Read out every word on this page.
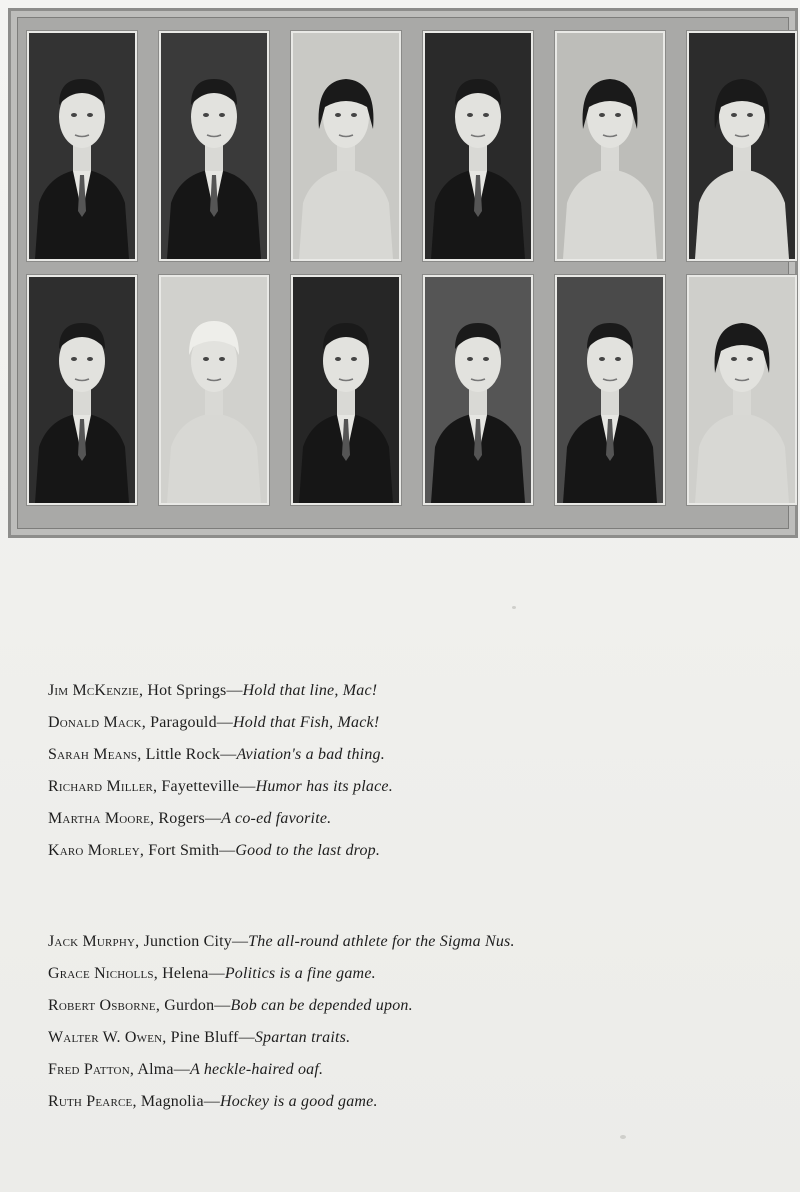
Jim McKenzie, Hot Springs—Hold that line, Mac!
Donald Mack, Paragould—Hold that Fish, Mack!
Sarah Means, Little Rock—Aviation's a bad thing.
Richard Miller, Fayetteville—Humor has its place.
Martha Moore, Rogers—A co-ed favorite.
Karo Morley, Fort Smith—Good to the last drop.
Jack Murphy, Junction City—The all-round athlete for the Sigma Nus.
Grace Nicholls, Helena—Politics is a fine game.
Robert Osborne, Gurdon—Bob can be depended upon.
Walter W. Owen, Pine Bluff—Spartan traits.
Fred Patton, Alma—A heckle-haired oaf.
Ruth Pearce, Magnolia—Hockey is a good game.
